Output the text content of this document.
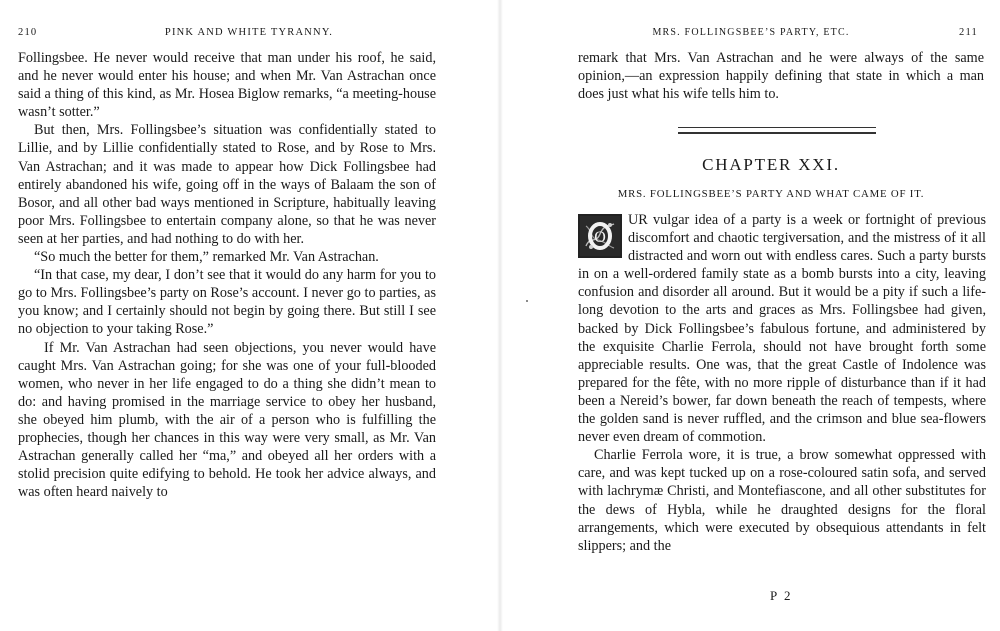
210	PINK AND WHITE TYRANNY.

Follingsbee. He never would receive that man under his roof, he said, and he never would enter his house; and when Mr. Van Astrachan once said a thing of this kind, as Mr. Hosea Biglow remarks, “a meeting-house wasn’t sotter.”

But then, Mrs. Follingsbee’s situation was confidentially stated to Lillie, and by Lillie confidentially stated to Rose, and by Rose to Mrs. Van Astrachan; and it was made to appear how Dick Follingsbee had entirely abandoned his wife, going off in the ways of Balaam the son of Bosor, and all other bad ways mentioned in Scripture, habitually leaving poor Mrs. Follingsbee to entertain company alone, so that he was never seen at her parties, and had nothing to do with her.

“So much the better for them,” remarked Mr. Van Astrachan.

“In that case, my dear, I don’t see that it would do any harm for you to go to Mrs. Follingsbee’s party on Rose’s account. I never go to parties, as you know; and I certainly should not begin by going there. But still I see no objection to your taking Rose.”

If Mr. Van Astrachan had seen objections, you never would have caught Mrs. Van Astrachan going; for she was one of your full-blooded women, who never in her life engaged to do a thing she didn’t mean to do: and having promised in the marriage service to obey her husband, she obeyed him plumb, with the air of a person who is fulfilling the prophecies, though her chances in this way were very small, as Mr. Van Astrachan generally called her “ma,” and obeyed all her orders with a stolid precision quite edifying to behold. He took her advice always, and was often heard naively to

MRS. FOLLINGSBEE’S PARTY, ETC.	211

remark that Mrs. Van Astrachan and he were always of the same opinion,—an expression happily defining that state in which a man does just what his wife tells him to.

CHAPTER XXI.
MRS. FOLLINGSBEE’S PARTY AND WHAT CAME OF IT.

O
UR vulgar idea of a party is a week or fortnight of previous discomfort and chaotic tergiversation, and the mistress of it all distracted and worn out with endless cares. Such a party bursts in on a well-ordered family state as a bomb bursts into a city, leaving confusion and disorder all around. But it would be a pity if such a life-long devotion to the arts and graces as Mrs. Follingsbee had given, backed by Dick Follingsbee’s fabulous fortune, and administered by the exquisite Charlie Ferrola, should not have brought forth some appreciable results. One was, that the great Castle of Indolence was prepared for the fête, with no more ripple of disturbance than if it had been a Nereid’s bower, far down beneath the reach of tempests, where the golden sand is never ruffled, and the crimson and blue sea-flowers never even dream of commotion.

Charlie Ferrola wore, it is true, a brow somewhat oppressed with care, and was kept tucked up on a rose-coloured satin sofa, and served with lachrymæ Christi, and Montefiascone, and all other substitutes for the dews of Hybla, while he draughted designs for the floral arrangements, which were executed by obsequious attendants in felt slippers; and the

P 2
